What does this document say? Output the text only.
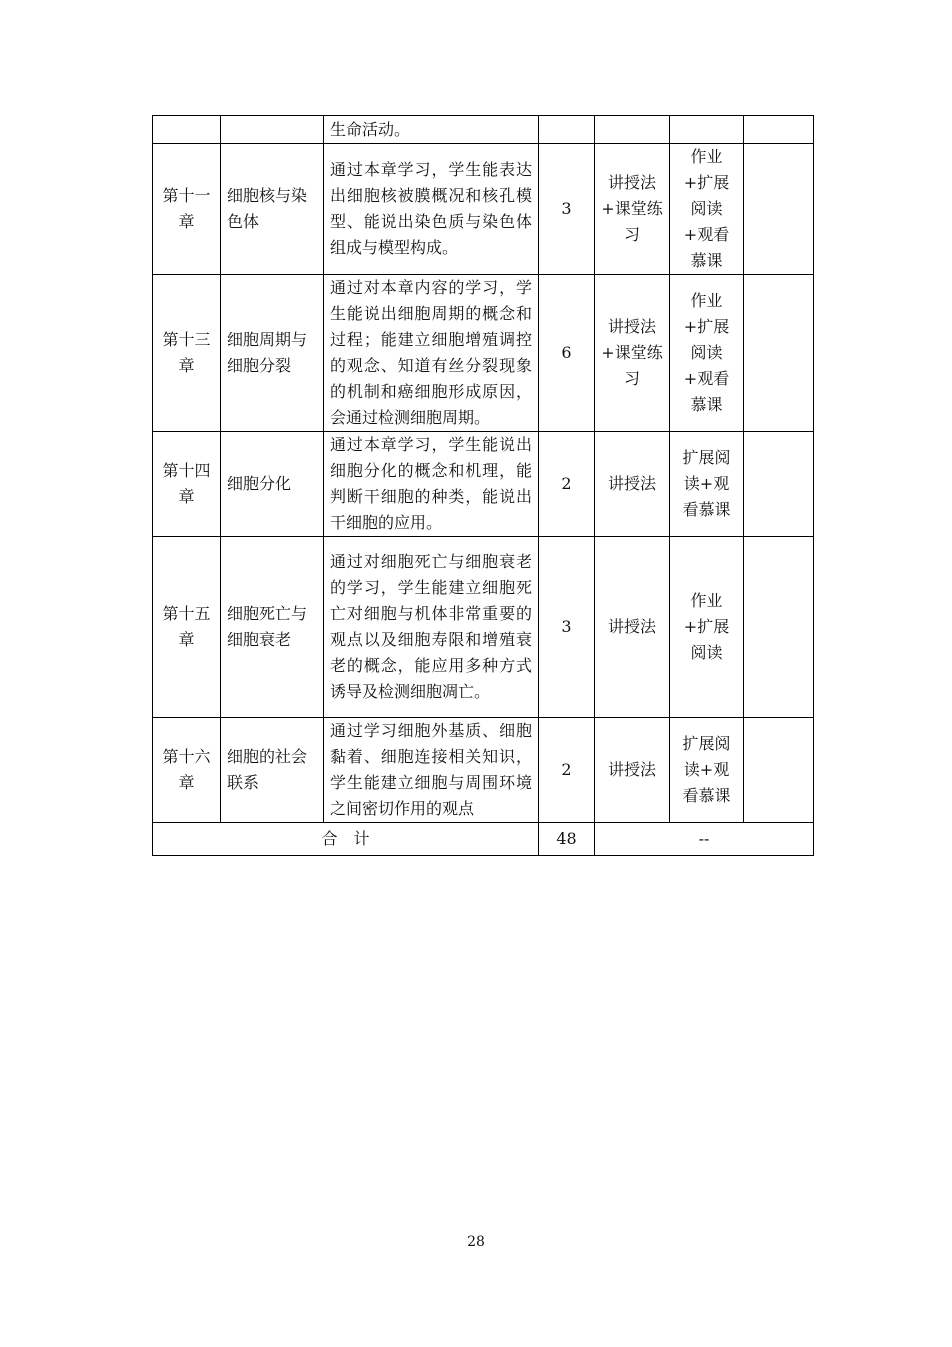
		生命活动。				
第十一章	细胞核与染色体	通过本章学习，学生能表达出细胞核被膜概况和核孔模型、能说出染色质与染色体组成与模型构成。	3	讲授法+课堂练习	作业+扩展阅读+观看慕课	
第十三章	细胞周期与细胞分裂	通过对本章内容的学习，学生能说出细胞周期的概念和过程；能建立细胞增殖调控的观念、知道有丝分裂现象的机制和癌细胞形成原因，会通过检测细胞周期。	6	讲授法+课堂练习	作业+扩展阅读+观看慕课	
第十四章	细胞分化	通过本章学习，学生能说出细胞分化的概念和机理，能判断干细胞的种类，能说出干细胞的应用。	2	讲授法	扩展阅读+观看慕课	
第十五章	细胞死亡与细胞衰老	通过对细胞死亡与细胞衰老的学习，学生能建立细胞死亡对细胞与机体非常重要的观点以及细胞寿限和增殖衰老的概念，能应用多种方式诱导及检测细胞凋亡。	3	讲授法	作业+扩展阅读	
第十六章	细胞的社会联系	通过学习细胞外基质、细胞黏着、细胞连接相关知识，学生能建立细胞与周围环境之间密切作用的观点	2	讲授法	扩展阅读+观看慕课	
合　计			48	--		
28
